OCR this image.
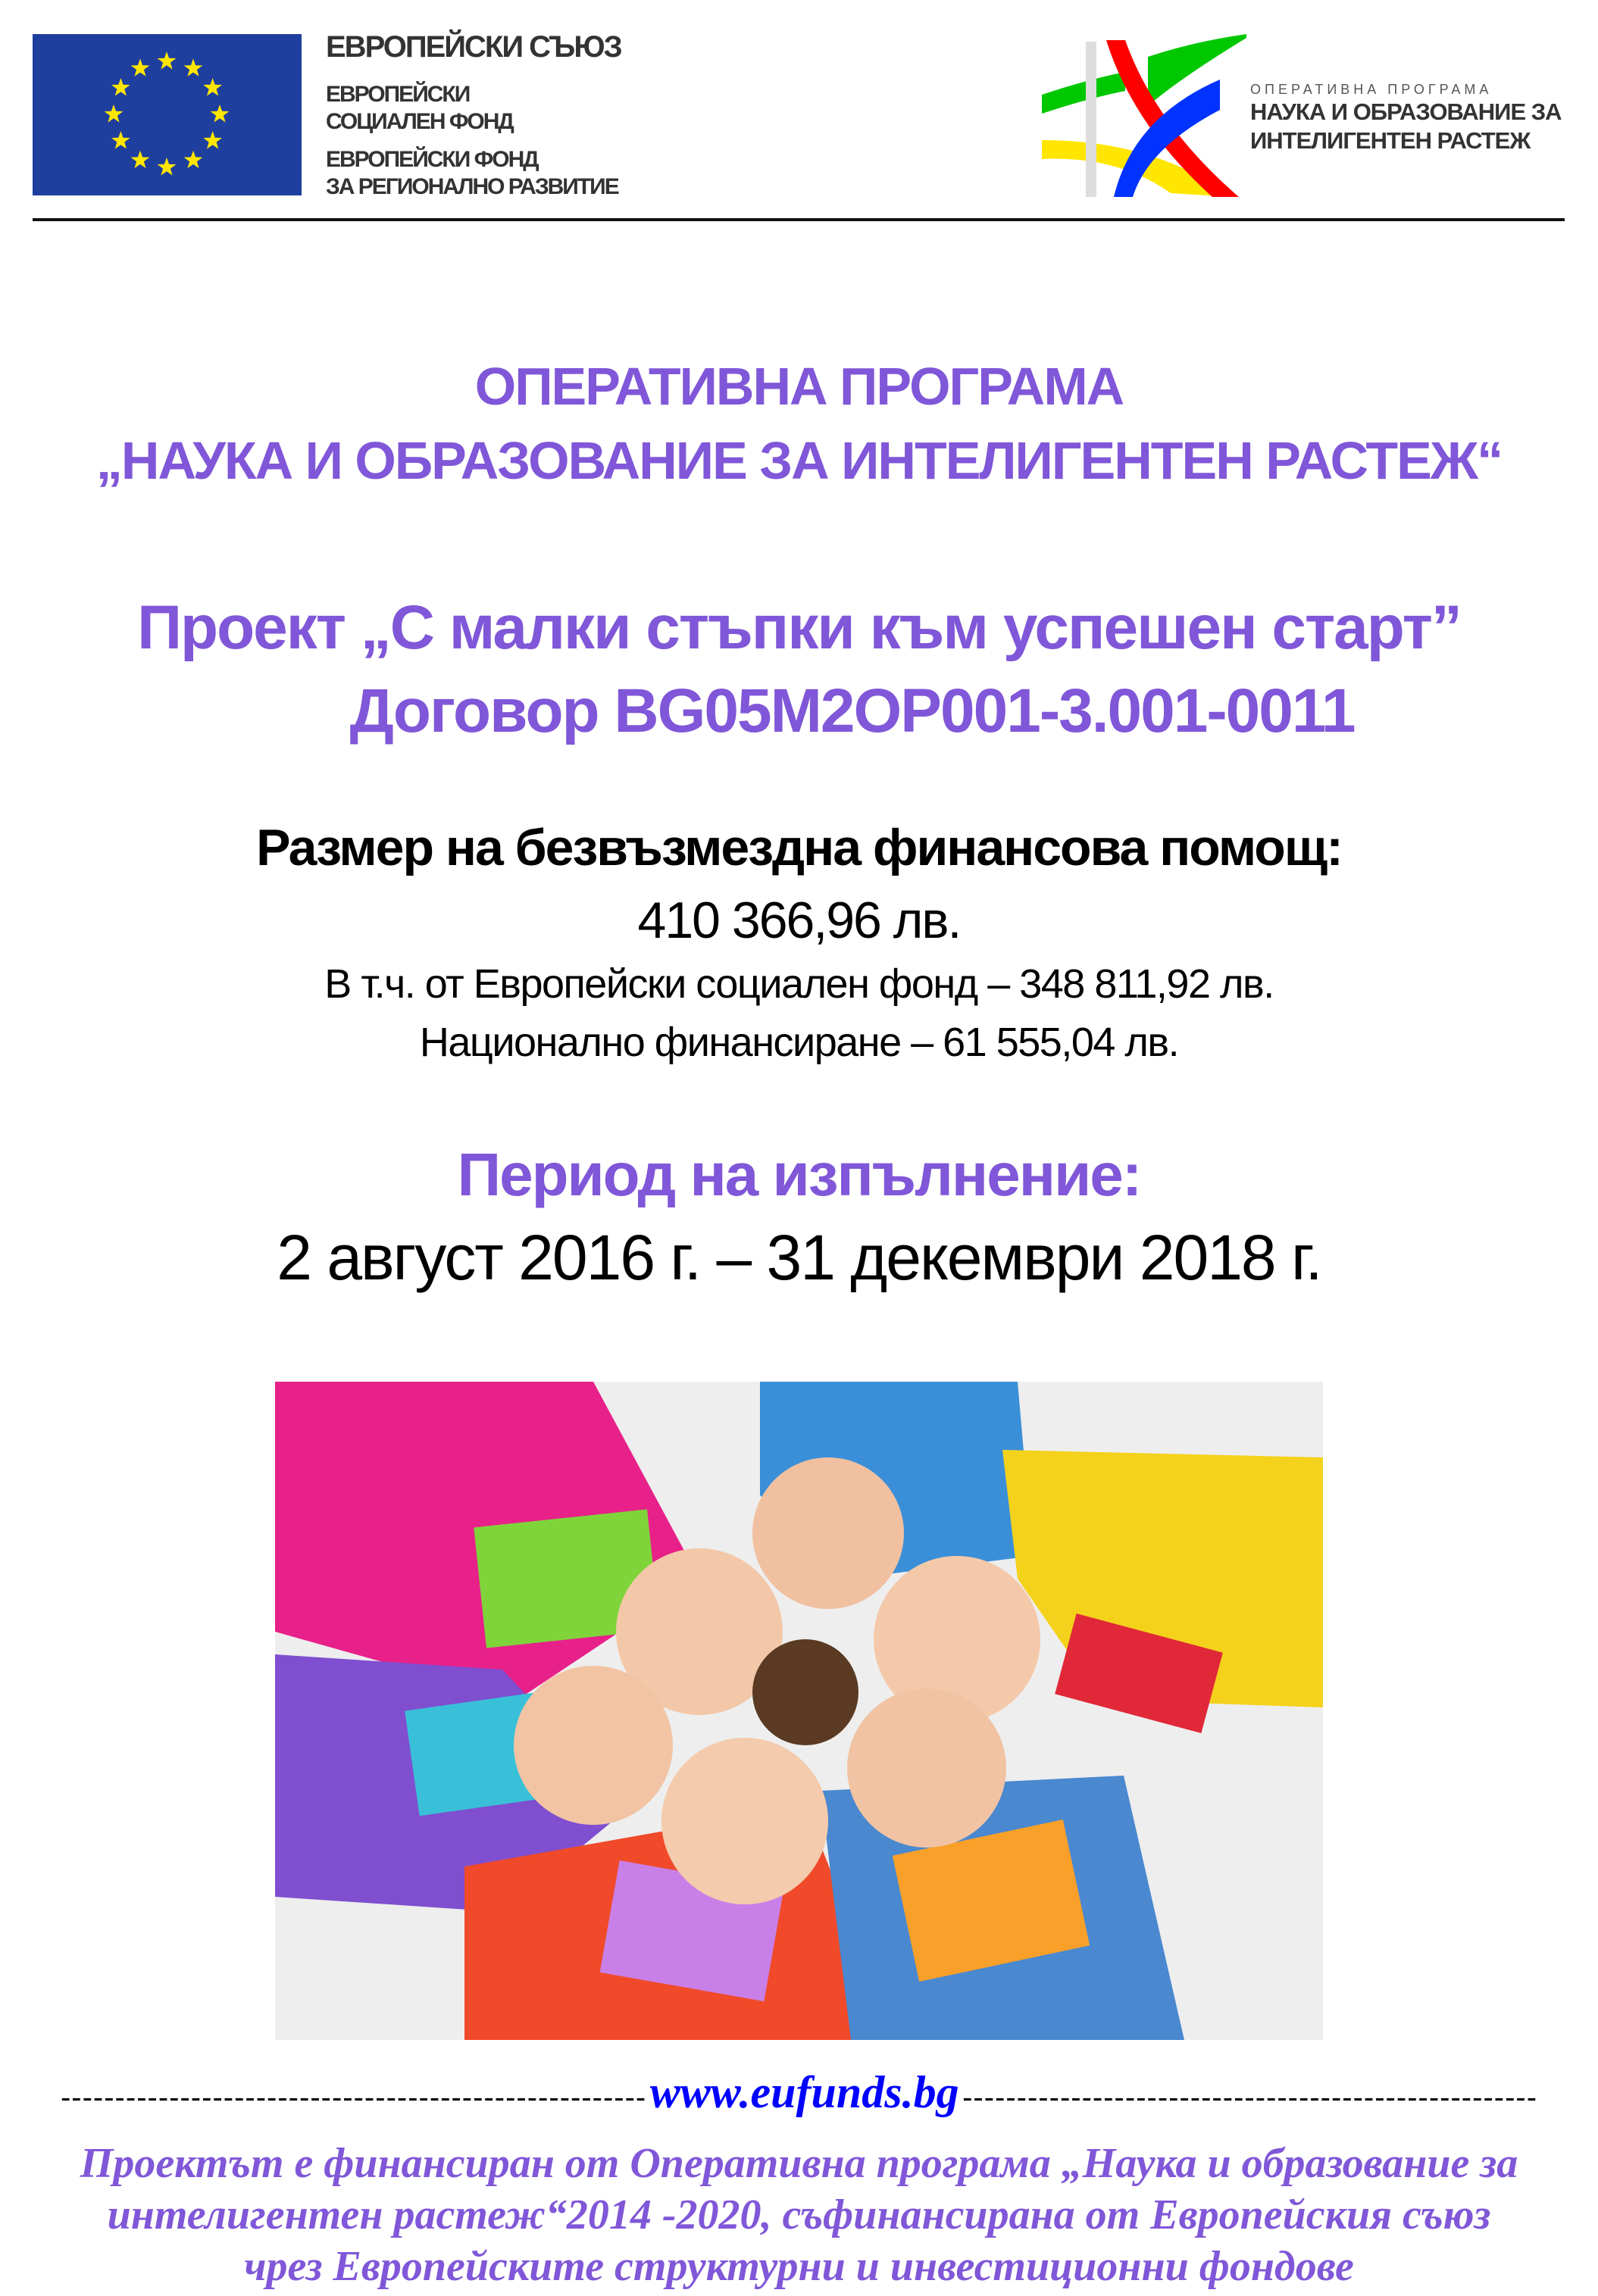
ЕВРОПЕЙСКИ СЪЮЗ
ЕВРОПЕЙСКИ
СОЦИАЛЕН ФОНД
ЕВРОПЕЙСКИ ФОНД
ЗА РЕГИОНАЛНО РАЗВИТИЕ
ОПЕРАТИВНА ПРОГРАМА
НАУКА И ОБРАЗОВАНИЕ ЗА
ИНТЕЛИГЕНТЕН РАСТЕЖ
ОПЕРАТИВНА ПРОГРАМА
„НАУКА И ОБРАЗОВАНИЕ ЗА ИНТЕЛИГЕНТЕН РАСТЕЖ“
Проект „С малки стъпки към успешен старт”
Договор BG05M2OP001-3.001-0011
Размер на безвъзмездна финансова помощ:
410 366,96 лв.
В т.ч. от Европейски социален фонд – 348 811,92 лв.
Национално финансиране – 61 555,04 лв.
Период на изпълнение:
2 август 2016 г. – 31 декември 2018 г.
------------------------------------------------------ www.eufunds.bg -----------------------------------------------------
Проектът е финансиран от Оперативна програма „Наука и образование за
интелигентен растеж“2014 -2020, съфинансирана от Европейския съюз
чрез Европейските структурни и инвестиционни фондове
